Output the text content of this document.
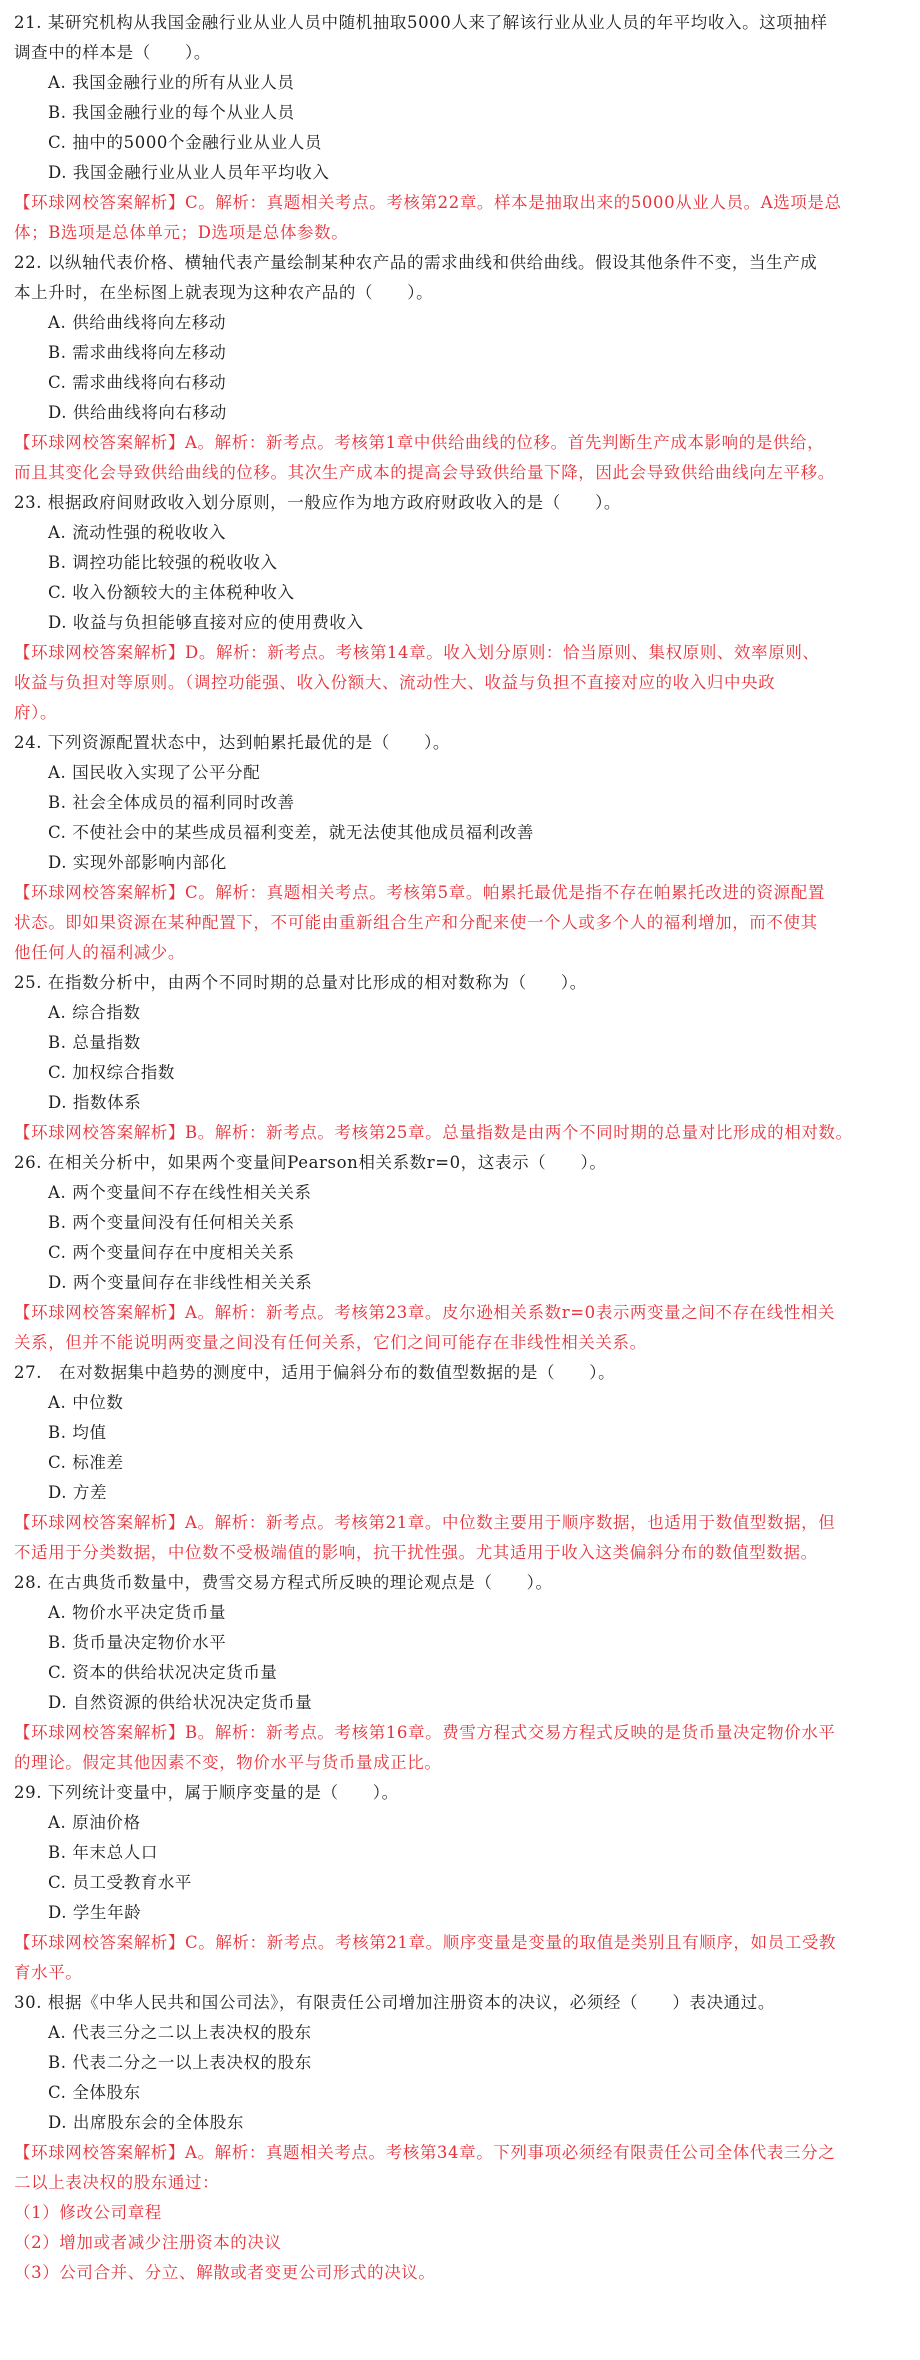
21. 某研究机构从我国金融行业从业人员中随机抽取5000人来了解该行业从业人员的年平均收入。这项抽样
调查中的样本是（　　）。
A. 我国金融行业的所有从业人员
B. 我国金融行业的每个从业人员
C. 抽中的5000个金融行业从业人员
D. 我国金融行业从业人员年平均收入
【环球网校答案解析】C。解析：真题相关考点。考核第22章。样本是抽取出来的5000从业人员。A选项是总
体；B选项是总体单元；D选项是总体参数。
22. 以纵轴代表价格、横轴代表产量绘制某种农产品的需求曲线和供给曲线。假设其他条件不变，当生产成
本上升时，在坐标图上就表现为这种农产品的（　　）。
A. 供给曲线将向左移动
B. 需求曲线将向左移动
C. 需求曲线将向右移动
D. 供给曲线将向右移动
【环球网校答案解析】A。解析：新考点。考核第1章中供给曲线的位移。首先判断生产成本影响的是供给，
而且其变化会导致供给曲线的位移。其次生产成本的提高会导致供给量下降，因此会导致供给曲线向左平移。
23. 根据政府间财政收入划分原则，一般应作为地方政府财政收入的是（　　）。
A. 流动性强的税收收入
B. 调控功能比较强的税收收入
C. 收入份额较大的主体税种收入
D. 收益与负担能够直接对应的使用费收入
【环球网校答案解析】D。解析：新考点。考核第14章。收入划分原则：恰当原则、集权原则、效率原则、
收益与负担对等原则。（调控功能强、收入份额大、流动性大、收益与负担不直接对应的收入归中央政
府）。
24. 下列资源配置状态中，达到帕累托最优的是（　　）。
A. 国民收入实现了公平分配
B. 社会全体成员的福利同时改善
C. 不使社会中的某些成员福利变差，就无法使其他成员福利改善
D. 实现外部影响内部化
【环球网校答案解析】C。解析：真题相关考点。考核第5章。帕累托最优是指不存在帕累托改进的资源配置
状态。即如果资源在某种配置下，不可能由重新组合生产和分配来使一个人或多个人的福利增加，而不使其
他任何人的福利减少。
25. 在指数分析中，由两个不同时期的总量对比形成的相对数称为（　　）。
A. 综合指数
B. 总量指数
C. 加权综合指数
D. 指数体系
【环球网校答案解析】B。解析：新考点。考核第25章。总量指数是由两个不同时期的总量对比形成的相对数。
26. 在相关分析中，如果两个变量间Pearson相关系数r=0，这表示（　　）。
A. 两个变量间不存在线性相关关系
B. 两个变量间没有任何相关关系
C. 两个变量间存在中度相关关系
D. 两个变量间存在非线性相关关系
【环球网校答案解析】A。解析：新考点。考核第23章。皮尔逊相关系数r=0表示两变量之间不存在线性相关
关系，但并不能说明两变量之间没有任何关系，它们之间可能存在非线性相关关系。
27.　在对数据集中趋势的测度中，适用于偏斜分布的数值型数据的是（　　）。
A. 中位数
B. 均值
C. 标准差
D. 方差
【环球网校答案解析】A。解析：新考点。考核第21章。中位数主要用于顺序数据，也适用于数值型数据，但
不适用于分类数据，中位数不受极端值的影响，抗干扰性强。尤其适用于收入这类偏斜分布的数值型数据。
28. 在古典货币数量中，费雪交易方程式所反映的理论观点是（　　）。
A. 物价水平决定货币量
B. 货币量决定物价水平
C. 资本的供给状况决定货币量
D. 自然资源的供给状况决定货币量
【环球网校答案解析】B。解析：新考点。考核第16章。费雪方程式交易方程式反映的是货币量决定物价水平
的理论。假定其他因素不变，物价水平与货币量成正比。
29. 下列统计变量中，属于顺序变量的是（　　）。
A. 原油价格
B. 年末总人口
C. 员工受教育水平
D. 学生年龄
【环球网校答案解析】C。解析：新考点。考核第21章。顺序变量是变量的取值是类别且有顺序，如员工受教
育水平。
30. 根据《中华人民共和国公司法》，有限责任公司增加注册资本的决议，必须经（　　）表决通过。
A. 代表三分之二以上表决权的股东
B. 代表二分之一以上表决权的股东
C. 全体股东
D. 出席股东会的全体股东
【环球网校答案解析】A。解析：真题相关考点。考核第34章。下列事项必须经有限责任公司全体代表三分之
二以上表决权的股东通过：
（1）修改公司章程
（2）增加或者减少注册资本的决议
（3）公司合并、分立、解散或者变更公司形式的决议。
